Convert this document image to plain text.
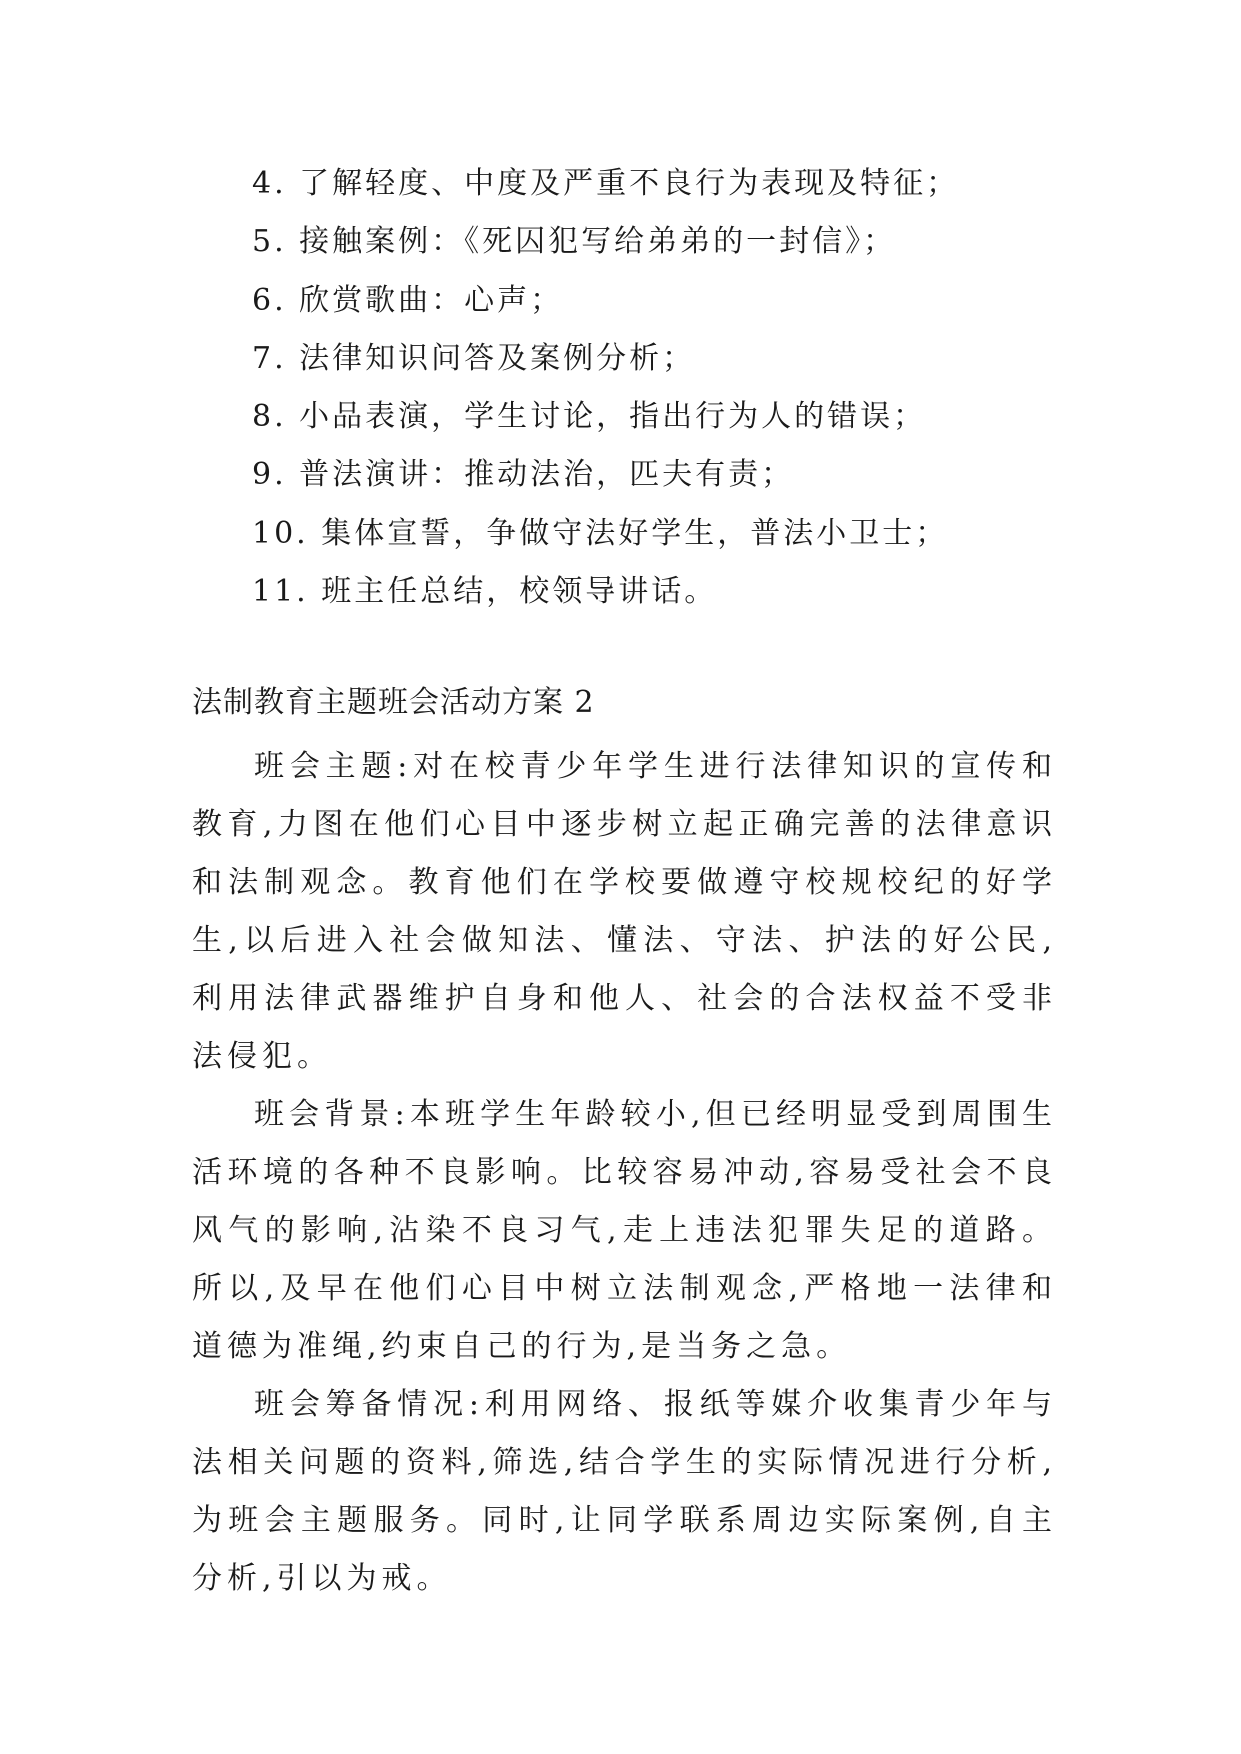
4. 了解轻度、中度及严重不良行为表现及特征；
5. 接触案例：《死囚犯写给弟弟的一封信》；
6. 欣赏歌曲：心声；
7. 法律知识问答及案例分析；
8. 小品表演，学生讨论，指出行为人的错误；
9. 普法演讲：推动法治，匹夫有责；
10. 集体宣誓，争做守法好学生，普法小卫士；
11. 班主任总结，校领导讲话。
法制教育主题班会活动方案 2

班会主题:对在校青少年学生进行法律知识的宣传和教育,力图在他们心目中逐步树立起正确完善的法律意识和法制观念。教育他们在学校要做遵守校规校纪的好学生,以后进入社会做知法、懂法、守法、护法的好公民,利用法律武器维护自身和他人、社会的合法权益不受非法侵犯。

班会背景:本班学生年龄较小,但已经明显受到周围生活环境的各种不良影响。比较容易冲动,容易受社会不良风气的影响,沾染不良习气,走上违法犯罪失足的道路。所以,及早在他们心目中树立法制观念,严格地一法律和道德为准绳,约束自己的行为,是当务之急。

班会筹备情况:利用网络、报纸等媒介收集青少年与法相关问题的资料,筛选,结合学生的实际情况进行分析,为班会主题服务。同时,让同学联系周边实际案例,自主分析,引以为戒。
